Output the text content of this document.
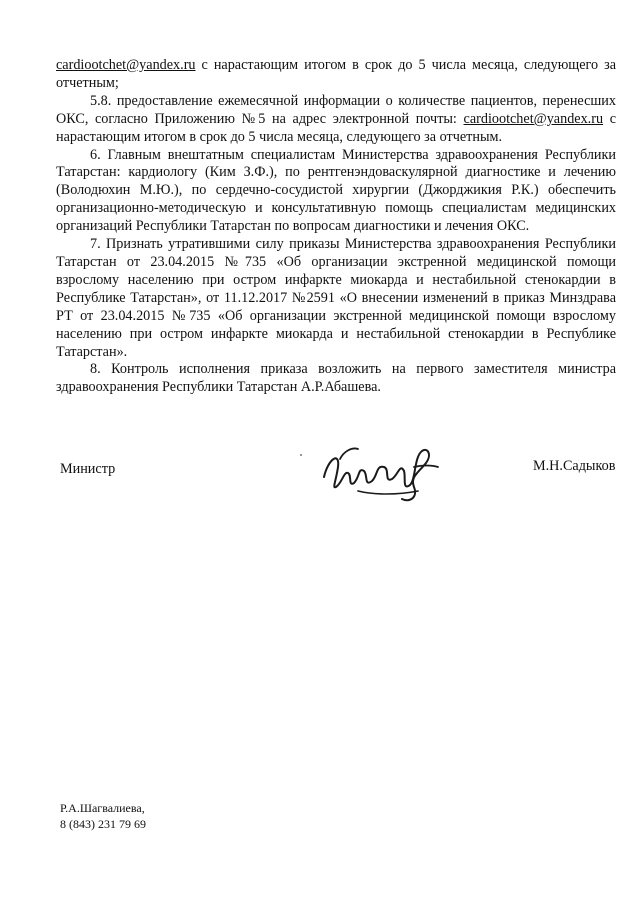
cardiootchet@yandex.ru с нарастающим итогом в срок до 5 числа месяца, следующего за отчетным;

5.8. предоставление ежемесячной информации о количестве пациентов, перенесших ОКС, согласно Приложению №5 на адрес электронной почты: cardiootchet@yandex.ru с нарастающим итогом в срок до 5 числа месяца, следующего за отчетным.

6. Главным внештатным специалистам Министерства здравоохранения Республики Татарстан: кардиологу (Ким З.Ф.), по рентгенэндоваскулярной диагностике и лечению (Володюхин М.Ю.), по сердечно-сосудистой хирургии (Джорджикия Р.К.) обеспечить организационно-методическую и консультативную помощь специалистам медицинских организаций Республики Татарстан по вопросам диагностики и лечения ОКС.

7. Признать утратившими силу приказы Министерства здравоохранения Республики Татарстан от 23.04.2015 №735 «Об организации экстренной медицинской помощи взрослому населению при остром инфаркте миокарда и нестабильной стенокардии в Республике Татарстан», от 11.12.2017 №2591 «О внесении изменений в приказ Минздрава РТ от 23.04.2015 №735 «Об организации экстренной медицинской помощи взрослому населению при остром инфаркте миокарда и нестабильной стенокардии в Республике Татарстан».

8. Контроль исполнения приказа возложить на первого заместителя министра здравоохранения Республики Татарстан А.Р.Абашева.

Министр	М.Н.Садыков
Р.А.Шагвалиева,
8 (843) 231 79 69
